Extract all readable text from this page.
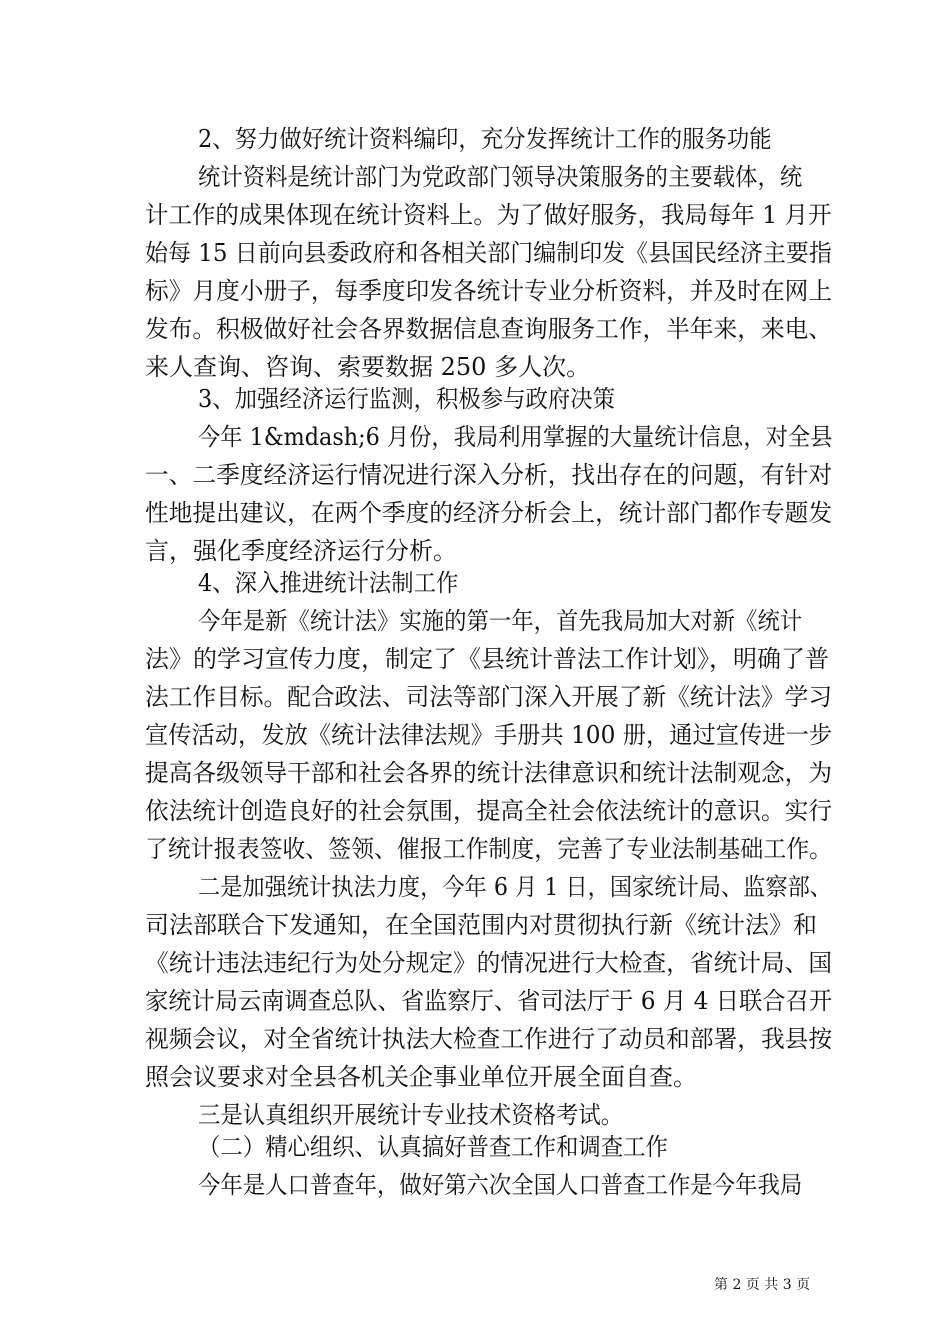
2、努力做好统计资料编印，充分发挥统计工作的服务功能
统计资料是统计部门为党政部门领导决策服务的主要载体，统
计工作的成果体现在统计资料上。为了做好服务，我局每年 1 月开
始每 15 日前向县委政府和各相关部门编制印发《县国民经济主要指
标》月度小册子，每季度印发各统计专业分析资料，并及时在网上
发布。积极做好社会各界数据信息查询服务工作，半年来，来电、
来人查询、咨询、索要数据 250 多人次。
3、加强经济运行监测，积极参与政府决策
今年 1&mdash;6 月份，我局利用掌握的大量统计信息，对全县
一、二季度经济运行情况进行深入分析，找出存在的问题，有针对
性地提出建议，在两个季度的经济分析会上，统计部门都作专题发
言，强化季度经济运行分析。
4、深入推进统计法制工作
今年是新《统计法》实施的第一年，首先我局加大对新《统计
法》的学习宣传力度，制定了《县统计普法工作计划》，明确了普
法工作目标。配合政法、司法等部门深入开展了新《统计法》学习
宣传活动，发放《统计法律法规》手册共 100 册，通过宣传进一步
提高各级领导干部和社会各界的统计法律意识和统计法制观念，为
依法统计创造良好的社会氛围，提高全社会依法统计的意识。实行
了统计报表签收、签领、催报工作制度，完善了专业法制基础工作。
二是加强统计执法力度，今年 6 月 1 日，国家统计局、监察部、
司法部联合下发通知，在全国范围内对贯彻执行新《统计法》和
《统计违法违纪行为处分规定》的情况进行大检查，省统计局、国
家统计局云南调查总队、省监察厅、省司法厅于 6 月 4 日联合召开
视频会议，对全省统计执法大检查工作进行了动员和部署，我县按
照会议要求对全县各机关企事业单位开展全面自查。
三是认真组织开展统计专业技术资格考试。
（二）精心组织、认真搞好普查工作和调查工作
今年是人口普查年，做好第六次全国人口普查工作是今年我局
第 2 页 共 3 页
